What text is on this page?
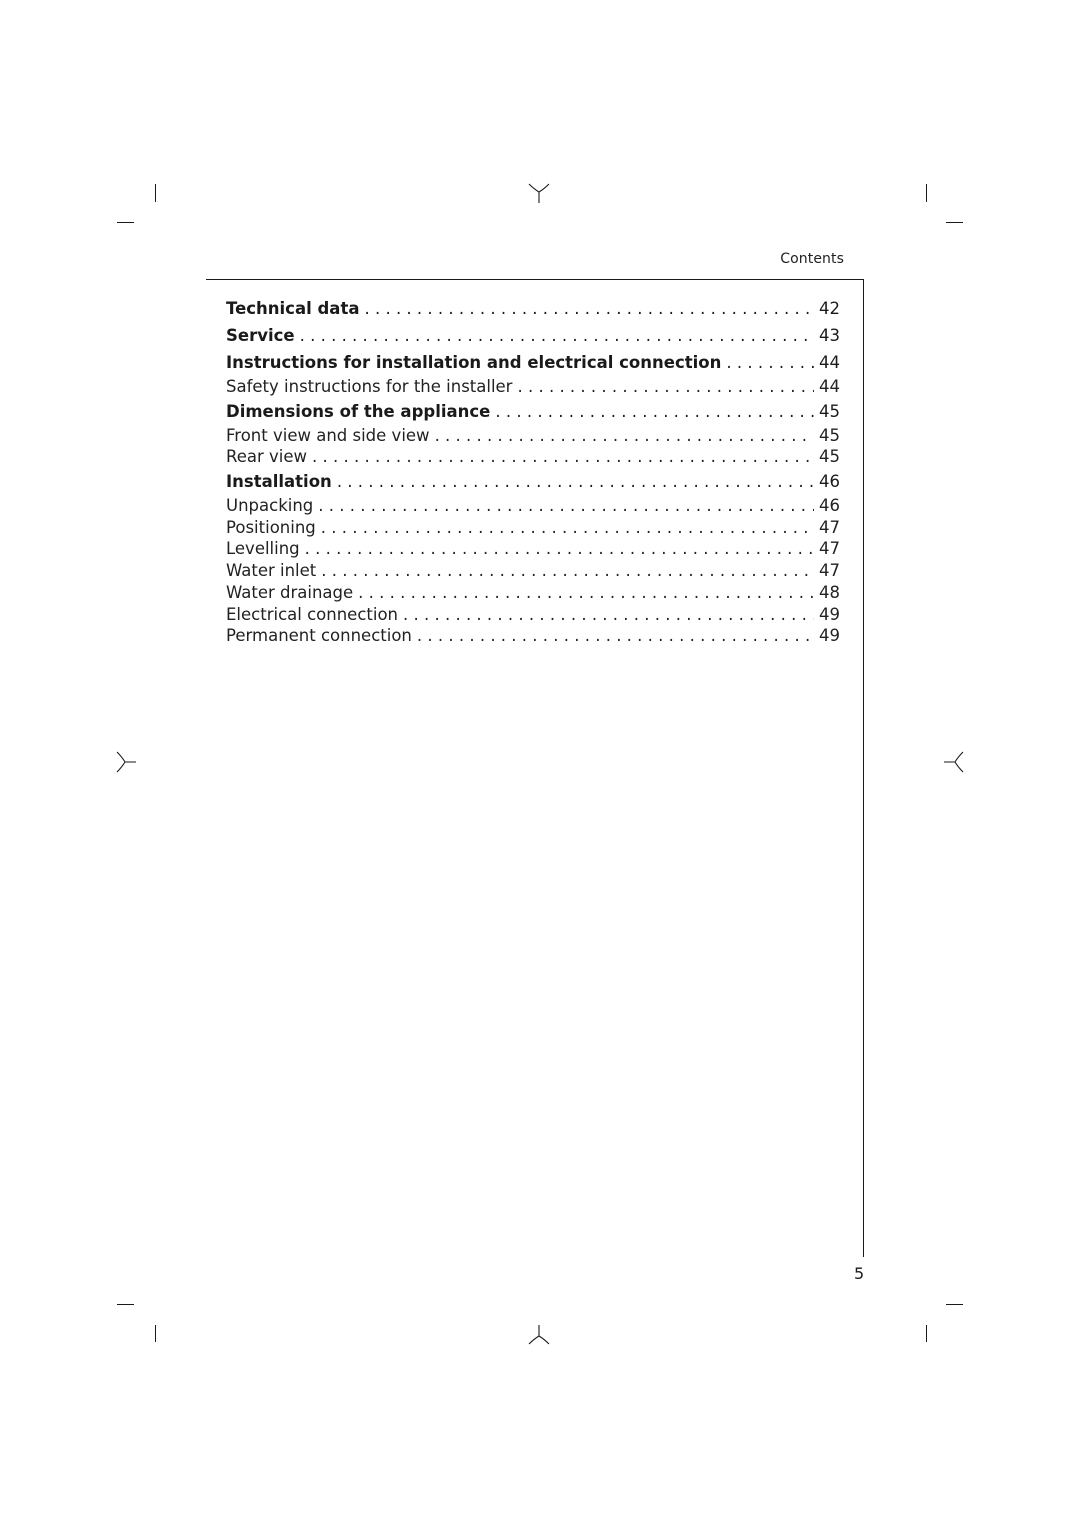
Contents
Technical data . . .	42
Service . . .	43
Instructions for installation and electrical connection . . .	44
Safety instructions for the installer . . .	44
Dimensions of the appliance . . .	45
Front view and side view . . .	45
Rear view . . .	45
Installation . . .	46
Unpacking . . .	46
Positioning . . .	47
Levelling . . .	47
Water inlet . . .	47
Water drainage . . .	48
Electrical connection . . .	49
Permanent connection . . .	49
5
